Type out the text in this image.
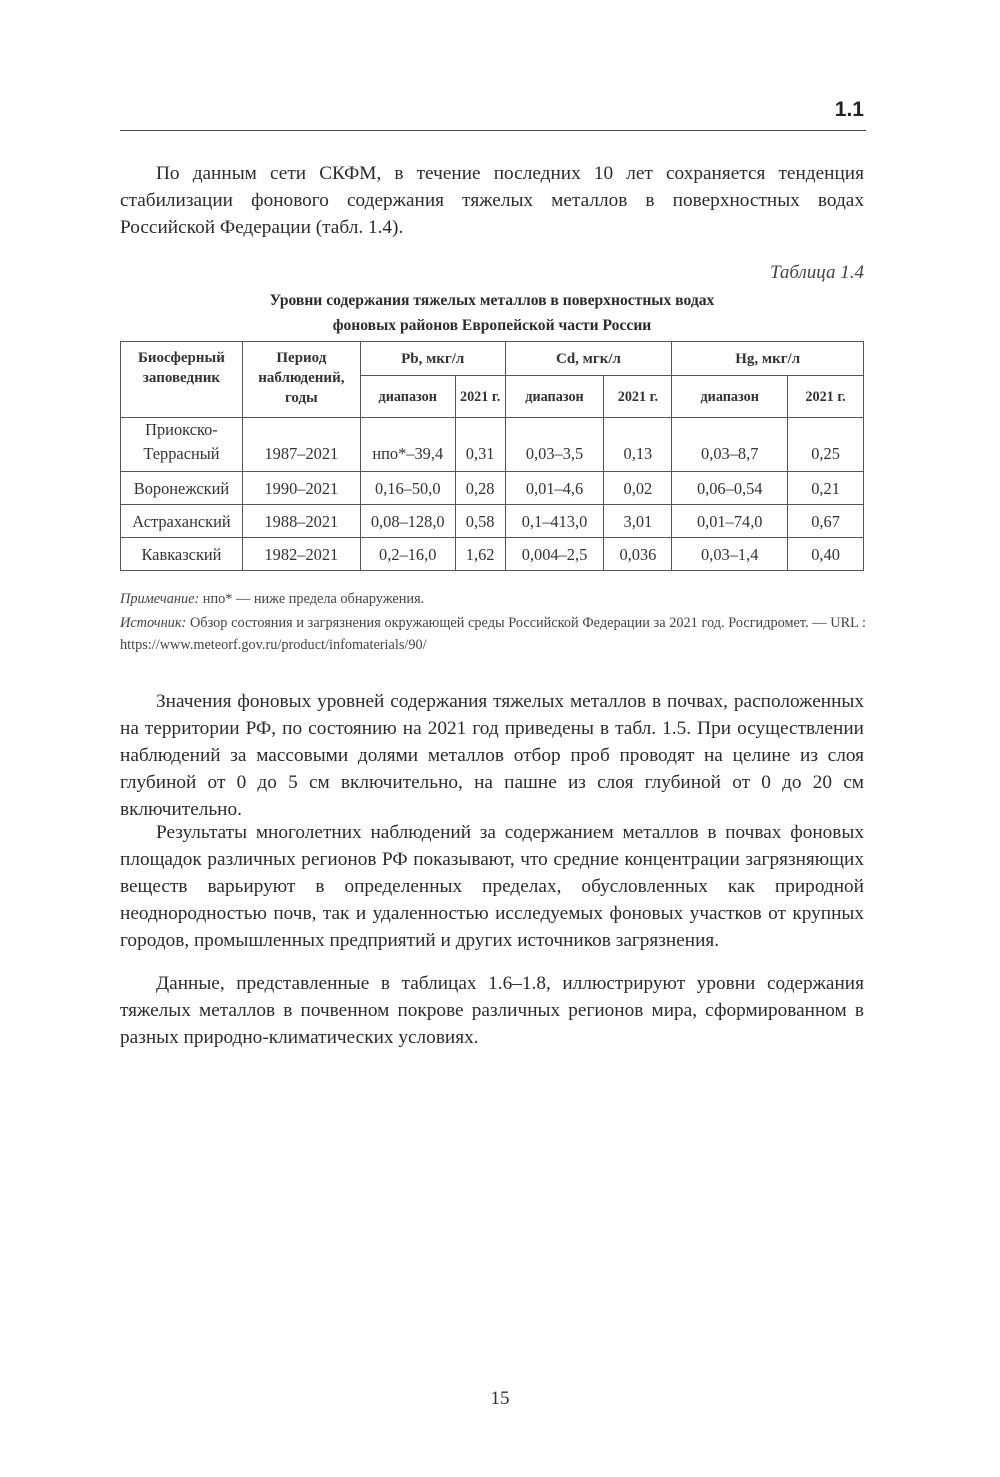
1.1

По данным сети СКФМ, в течение последних 10 лет сохраняется тенденция стабилизации фонового содержания тяжелых металлов в поверхностных водах Российской Федерации (табл. 1.4).

Таблица 1.4
Уровни содержания тяжелых металлов в поверхностных водах
фоновых районов Европейской части России
Биосферный заповедник	Период наблюдений, годы	Pb, мкг/л		Cd, мгк/л		Hg, мкг/л	
		диапазон	2021 г.	диапазон	2021 г.	диапазон	2021 г.
Приокско-Террасный	1987–2021	нпо*–39,4	0,31	0,03–3,5	0,13	0,03–8,7	0,25
Воронежский	1990–2021	0,16–50,0	0,28	0,01–4,6	0,02	0,06–0,54	0,21
Астраханский	1988–2021	0,08–128,0	0,58	0,1–413,0	3,01	0,01–74,0	0,67
Кавказский	1982–2021	0,2–16,0	1,62	0,004–2,5	0,036	0,03–1,4	0,40

Примечание: нпо* — ниже предела обнаружения.

Источник: Обзор состояния и загрязнения окружающей среды Российской Федерации за 2021 год. Росгидромет. — URL : https://www.meteorf.gov.ru/product/infomaterials/90/

Значения фоновых уровней содержания тяжелых металлов в почвах, расположенных на территории РФ, по состоянию на 2021 год приведены в табл. 1.5. При осуществлении наблюдений за массовыми долями металлов отбор проб проводят на целине из слоя глубиной от 0 до 5 см включительно, на пашне из слоя глубиной от 0 до 20 см включительно.

Результаты многолетних наблюдений за содержанием металлов в почвах фоновых площадок различных регионов РФ показывают, что средние концентрации загрязняющих веществ варьируют в определенных пределах, обусловленных как природной неоднородностью почв, так и удаленностью исследуемых фоновых участков от крупных городов, промышленных предприятий и других источников загрязнения.

Данные, представленные в таблицах 1.6–1.8, иллюстрируют уровни содержания тяжелых металлов в почвенном покрове различных регионов мира, сформированном в разных природно-климатических условиях.

15
